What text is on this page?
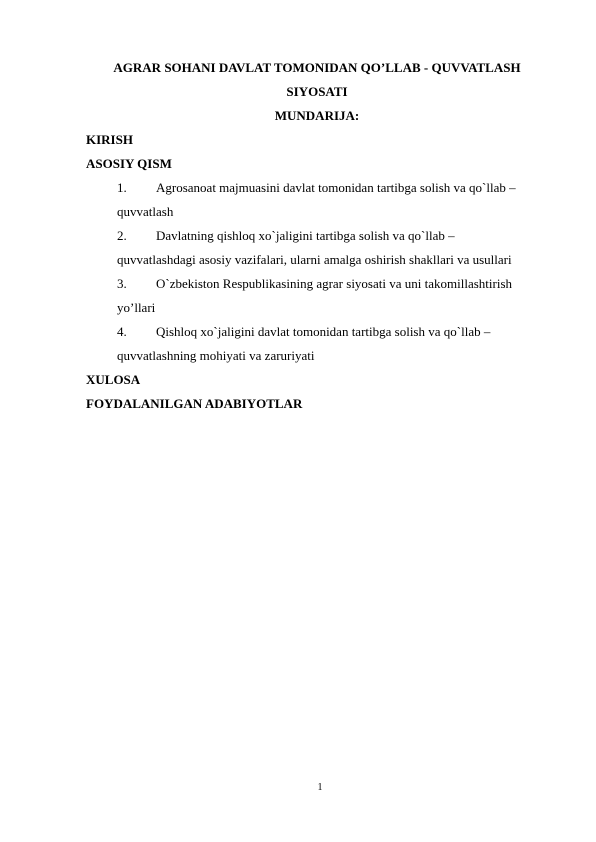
AGRAR SOHANI DAVLAT TOMONIDAN QO’LLAB - QUVVATLASH
SIYOSATI
MUNDARIJA:
KIRISH
ASOSIY QISM
1. Agrosanoat majmuasini davlat tomonidan tartibga solish va qo`llab –
quvvatlash
2. Davlatning qishloq xo`jaligini tartibga solish va qo`llab –
quvvatlashdagi asosiy vazifalari, ularni amalga oshirish shakllari va usullari
3. O`zbekiston Respublikasining agrar siyosati va uni takomillashtirish
yo’llari
4. Qishloq xo`jaligini davlat tomonidan tartibga solish va qo`llab –
quvvatlashning mohiyati va zaruriyati
XULOSA
FOYDALANILGAN ADABIYOTLAR
1
